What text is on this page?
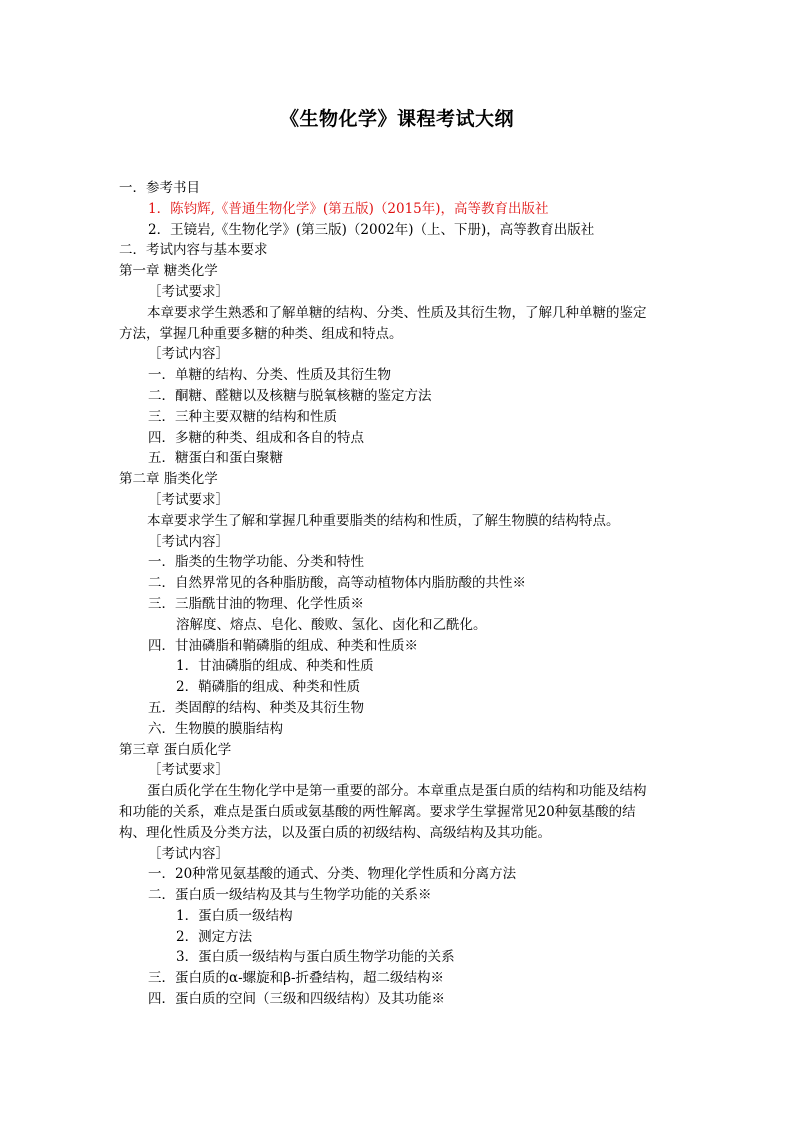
《生物化学》课程考试大纲
一．参考书目
1．陈钧辉,《普通生物化学》(第五版)（2015年)，高等教育出版社
2．王镜岩,《生物化学》(第三版)（2002年)（上、下册)，高等教育出版社
二．考试内容与基本要求
第一章 糖类化学
［考试要求］
本章要求学生熟悉和了解单糖的结构、分类、性质及其衍生物，了解几种单糖的鉴定方法，掌握几种重要多糖的种类、组成和特点。
［考试内容］
一．单糖的结构、分类、性质及其衍生物
二．酮糖、醛糖以及核糖与脱氧核糖的鉴定方法
三．三种主要双糖的结构和性质
四．多糖的种类、组成和各自的特点
五．糖蛋白和蛋白聚糖
第二章 脂类化学
［考试要求］
本章要求学生了解和掌握几种重要脂类的结构和性质，了解生物膜的结构特点。
［考试内容］
一．脂类的生物学功能、分类和特性
二．自然界常见的各种脂肪酸，高等动植物体内脂肪酸的共性※
三．三脂酰甘油的物理、化学性质※
溶解度、熔点、皂化、酸败、氢化、卤化和乙酰化。
四．甘油磷脂和鞘磷脂的组成、种类和性质※
1．甘油磷脂的组成、种类和性质
2．鞘磷脂的组成、种类和性质
五．类固醇的结构、种类及其衍生物
六．生物膜的膜脂结构
第三章 蛋白质化学
［考试要求］
蛋白质化学在生物化学中是第一重要的部分。本章重点是蛋白质的结构和功能及结构和功能的关系，难点是蛋白质或氨基酸的两性解离。要求学生掌握常见20种氨基酸的结构、理化性质及分类方法，以及蛋白质的初级结构、高级结构及其功能。
［考试内容］
一．20种常见氨基酸的通式、分类、物理化学性质和分离方法
二．蛋白质一级结构及其与生物学功能的关系※
1．蛋白质一级结构
2．测定方法
3．蛋白质一级结构与蛋白质生物学功能的关系
三．蛋白质的α-螺旋和β-折叠结构，超二级结构※
四．蛋白质的空间（三级和四级结构）及其功能※
